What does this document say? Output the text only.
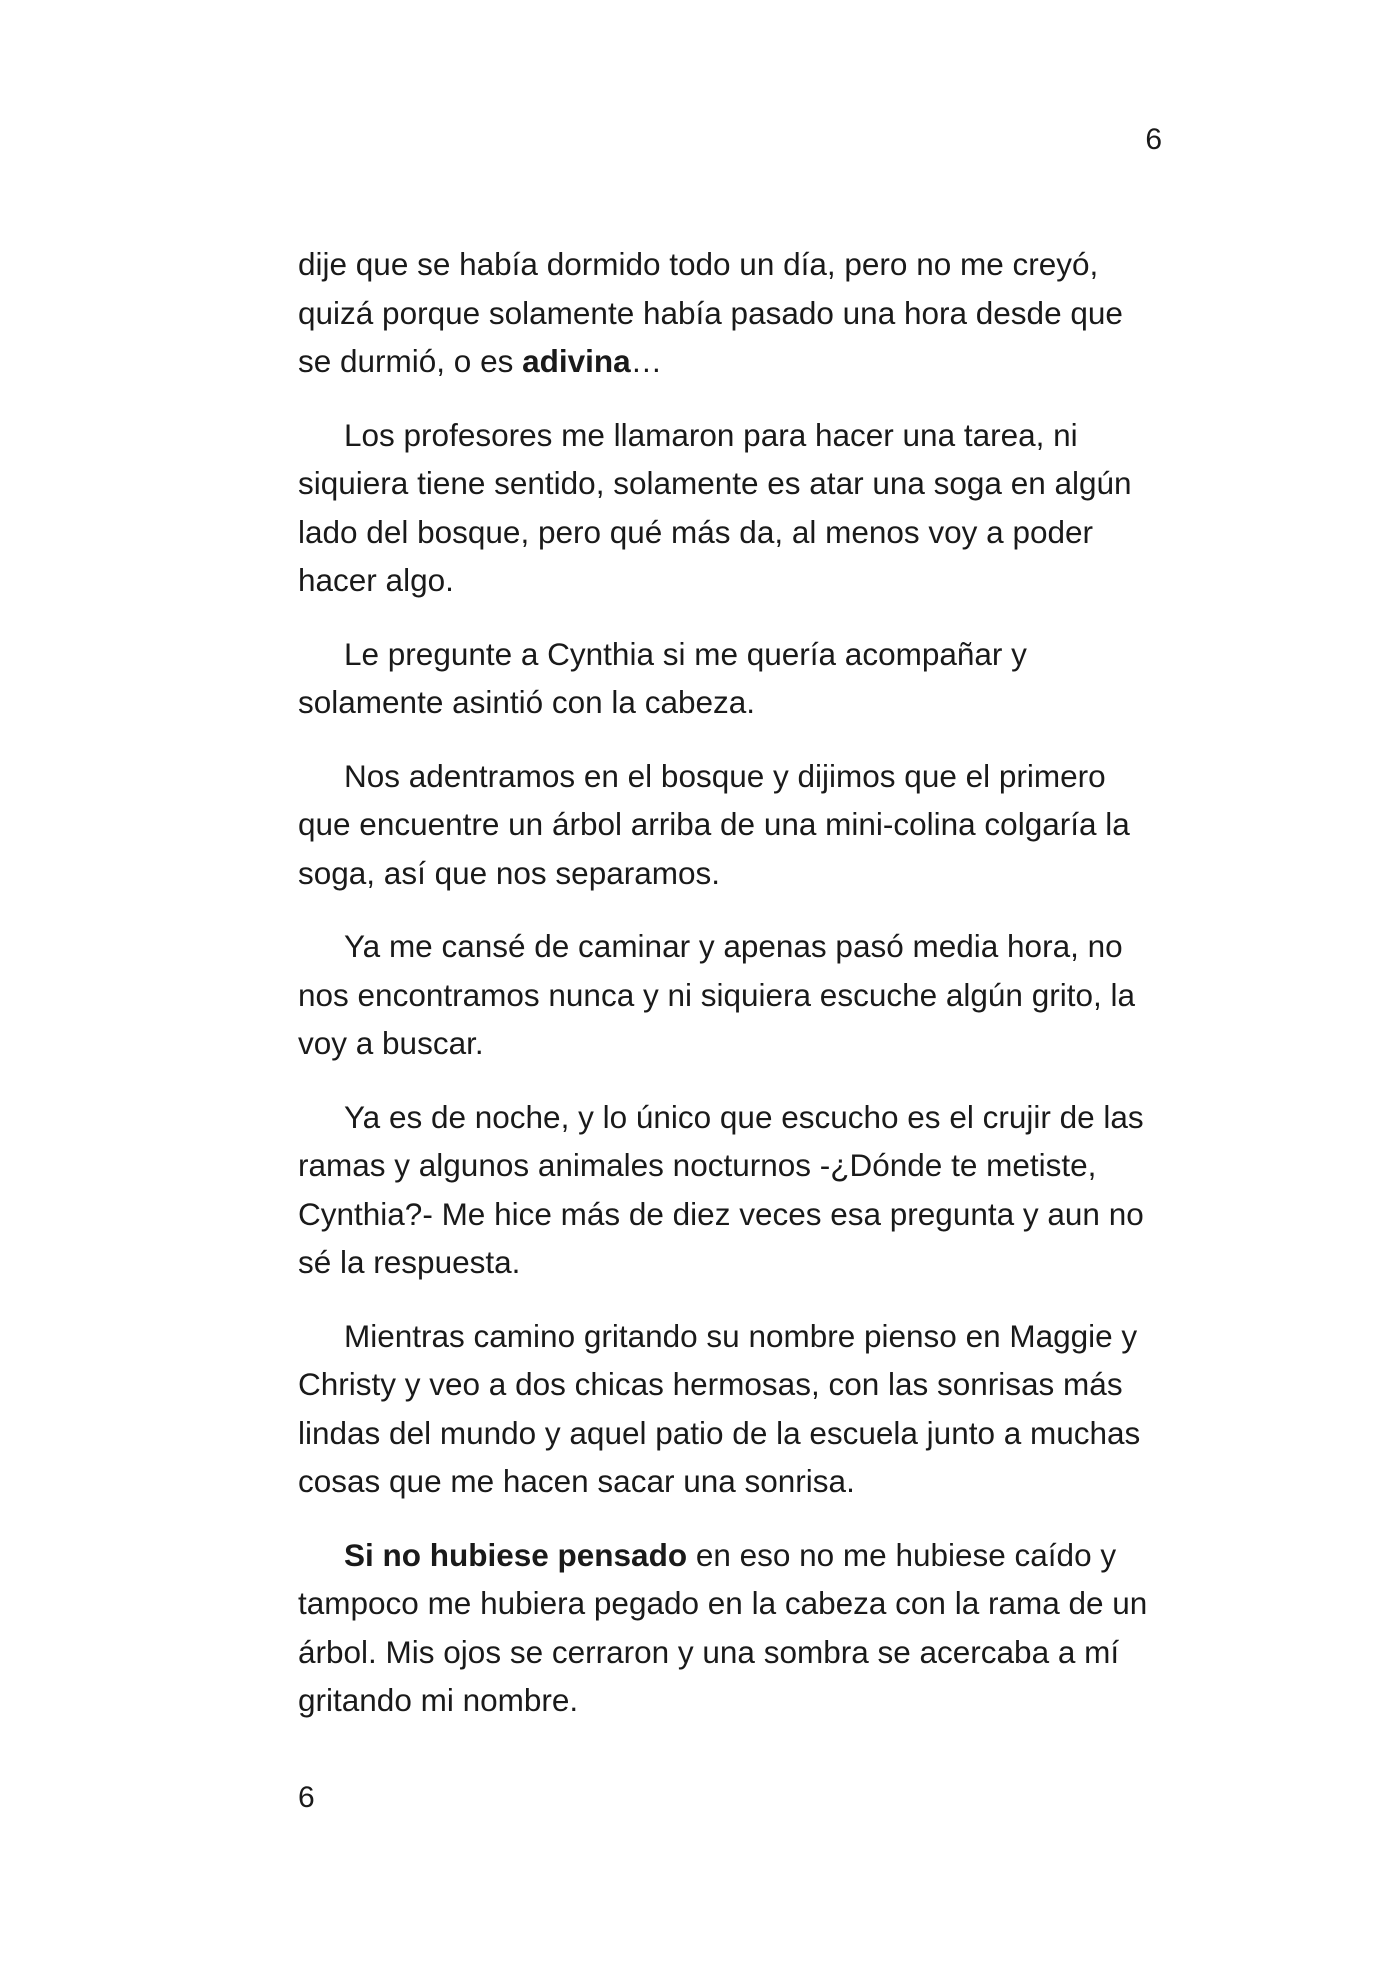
6

dije que se había dormido todo un día, pero no me creyó, quizá porque solamente había pasado una hora desde que se durmió, o es adivina…

Los profesores me llamaron para hacer una tarea, ni siquiera tiene sentido, solamente es atar una soga en algún lado del bosque, pero qué más da, al menos voy a poder hacer algo.

Le pregunte a Cynthia si me quería acompañar y solamente asintió con la cabeza.

Nos adentramos en el bosque y dijimos que el primero que encuentre un árbol arriba de una mini-colina colgaría la soga, así que nos separamos.

Ya me cansé de caminar y apenas pasó media hora, no nos encontramos nunca y ni siquiera escuche algún grito, la voy a buscar.

Ya es de noche, y lo único que escucho es el crujir de las ramas y algunos animales nocturnos -¿Dónde te metiste, Cynthia?- Me hice más de diez veces esa pregunta y aun no sé la respuesta.

Mientras camino gritando su nombre pienso en Maggie y Christy y veo a dos chicas hermosas, con las sonrisas más lindas del mundo y aquel patio de la escuela junto a muchas cosas que me hacen sacar una sonrisa.

Si no hubiese pensado en eso no me hubiese caído y tampoco me hubiera pegado en la cabeza con la rama de un árbol. Mis ojos se cerraron y una sombra se acercaba a mí gritando mi nombre.

6
